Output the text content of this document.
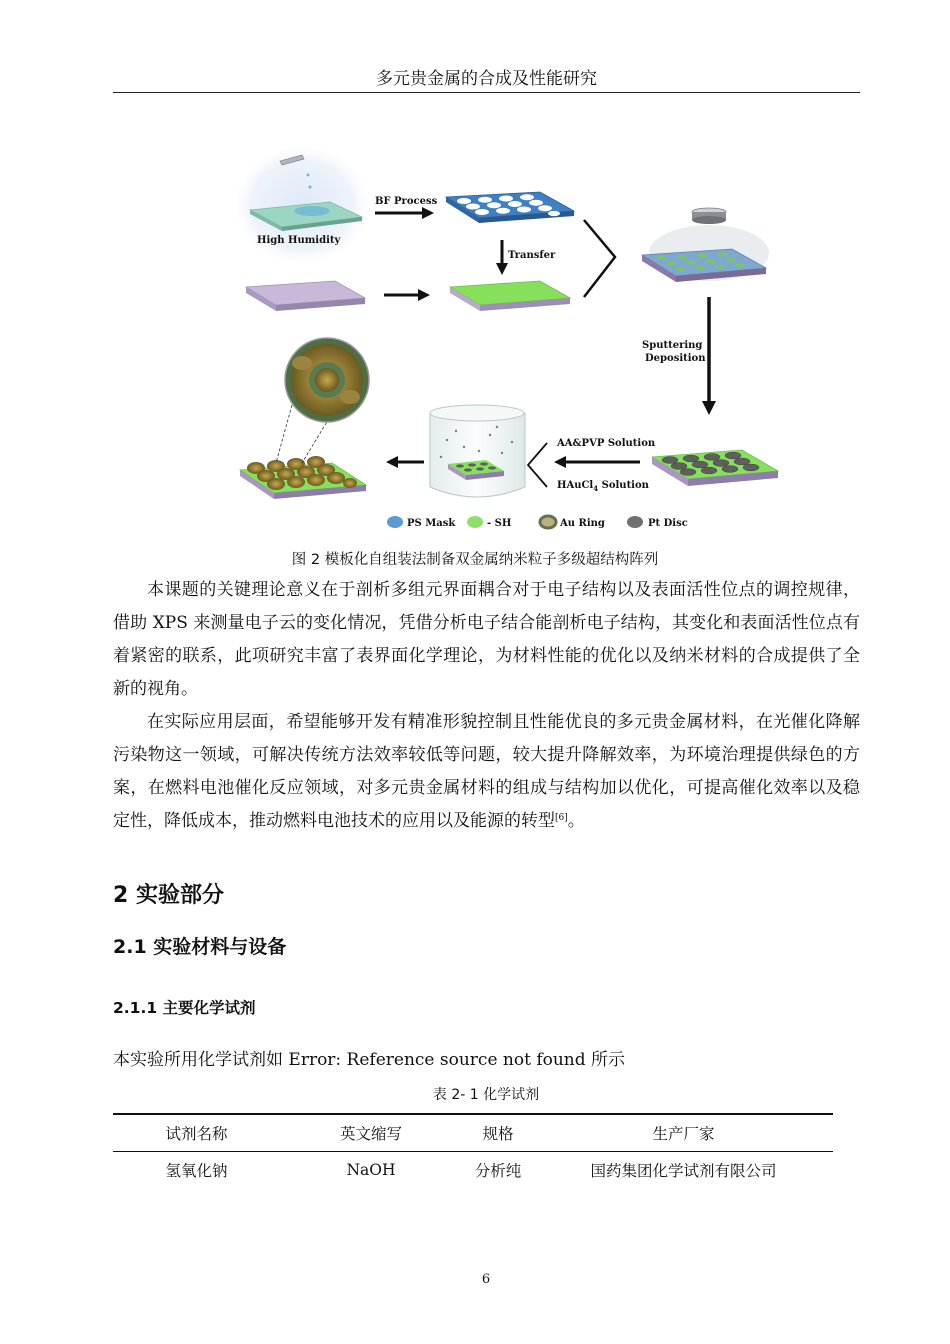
多元贵金属的合成及性能研究
High Humidity
BF Process
Transfer
Sputtering
Deposition
AA&PVP Solution
HAuCl$_4$ Solution
PS Mask	- SH	Au Ring	Pt Disc
图 2 模板化自组装法制备双金属纳米粒子多级超结构阵列
本课题的关键理论意义在于剖析多组元界面耦合对于电子结构以及表面活性位点的调控规律，借助 XPS 来测量电子云的变化情况，凭借分析电子结合能剖析电子结构，其变化和表面活性位点有着紧密的联系，此项研究丰富了表界面化学理论，为材料性能的优化以及纳米材料的合成提供了全新的视角。
在实际应用层面，希望能够开发有精准形貌控制且性能优良的多元贵金属材料，在光催化降解污染物这一领域，可解决传统方法效率较低等问题，较大提升降解效率，为环境治理提供绿色的方案，在燃料电池催化反应领域，对多元贵金属材料的组成与结构加以优化，可提高催化效率以及稳定性，降低成本，推动燃料电池技术的应用以及能源的转型[6]。
2 实验部分
2.1 实验材料与设备
2.1.1 主要化学试剂
本实验所用化学试剂如 Error: Reference source not found 所示
表 2- 1 化学试剂
试剂名称	英文缩写	规格	生产厂家
氢氧化钠	NaOH	分析纯	国药集团化学试剂有限公司
6
